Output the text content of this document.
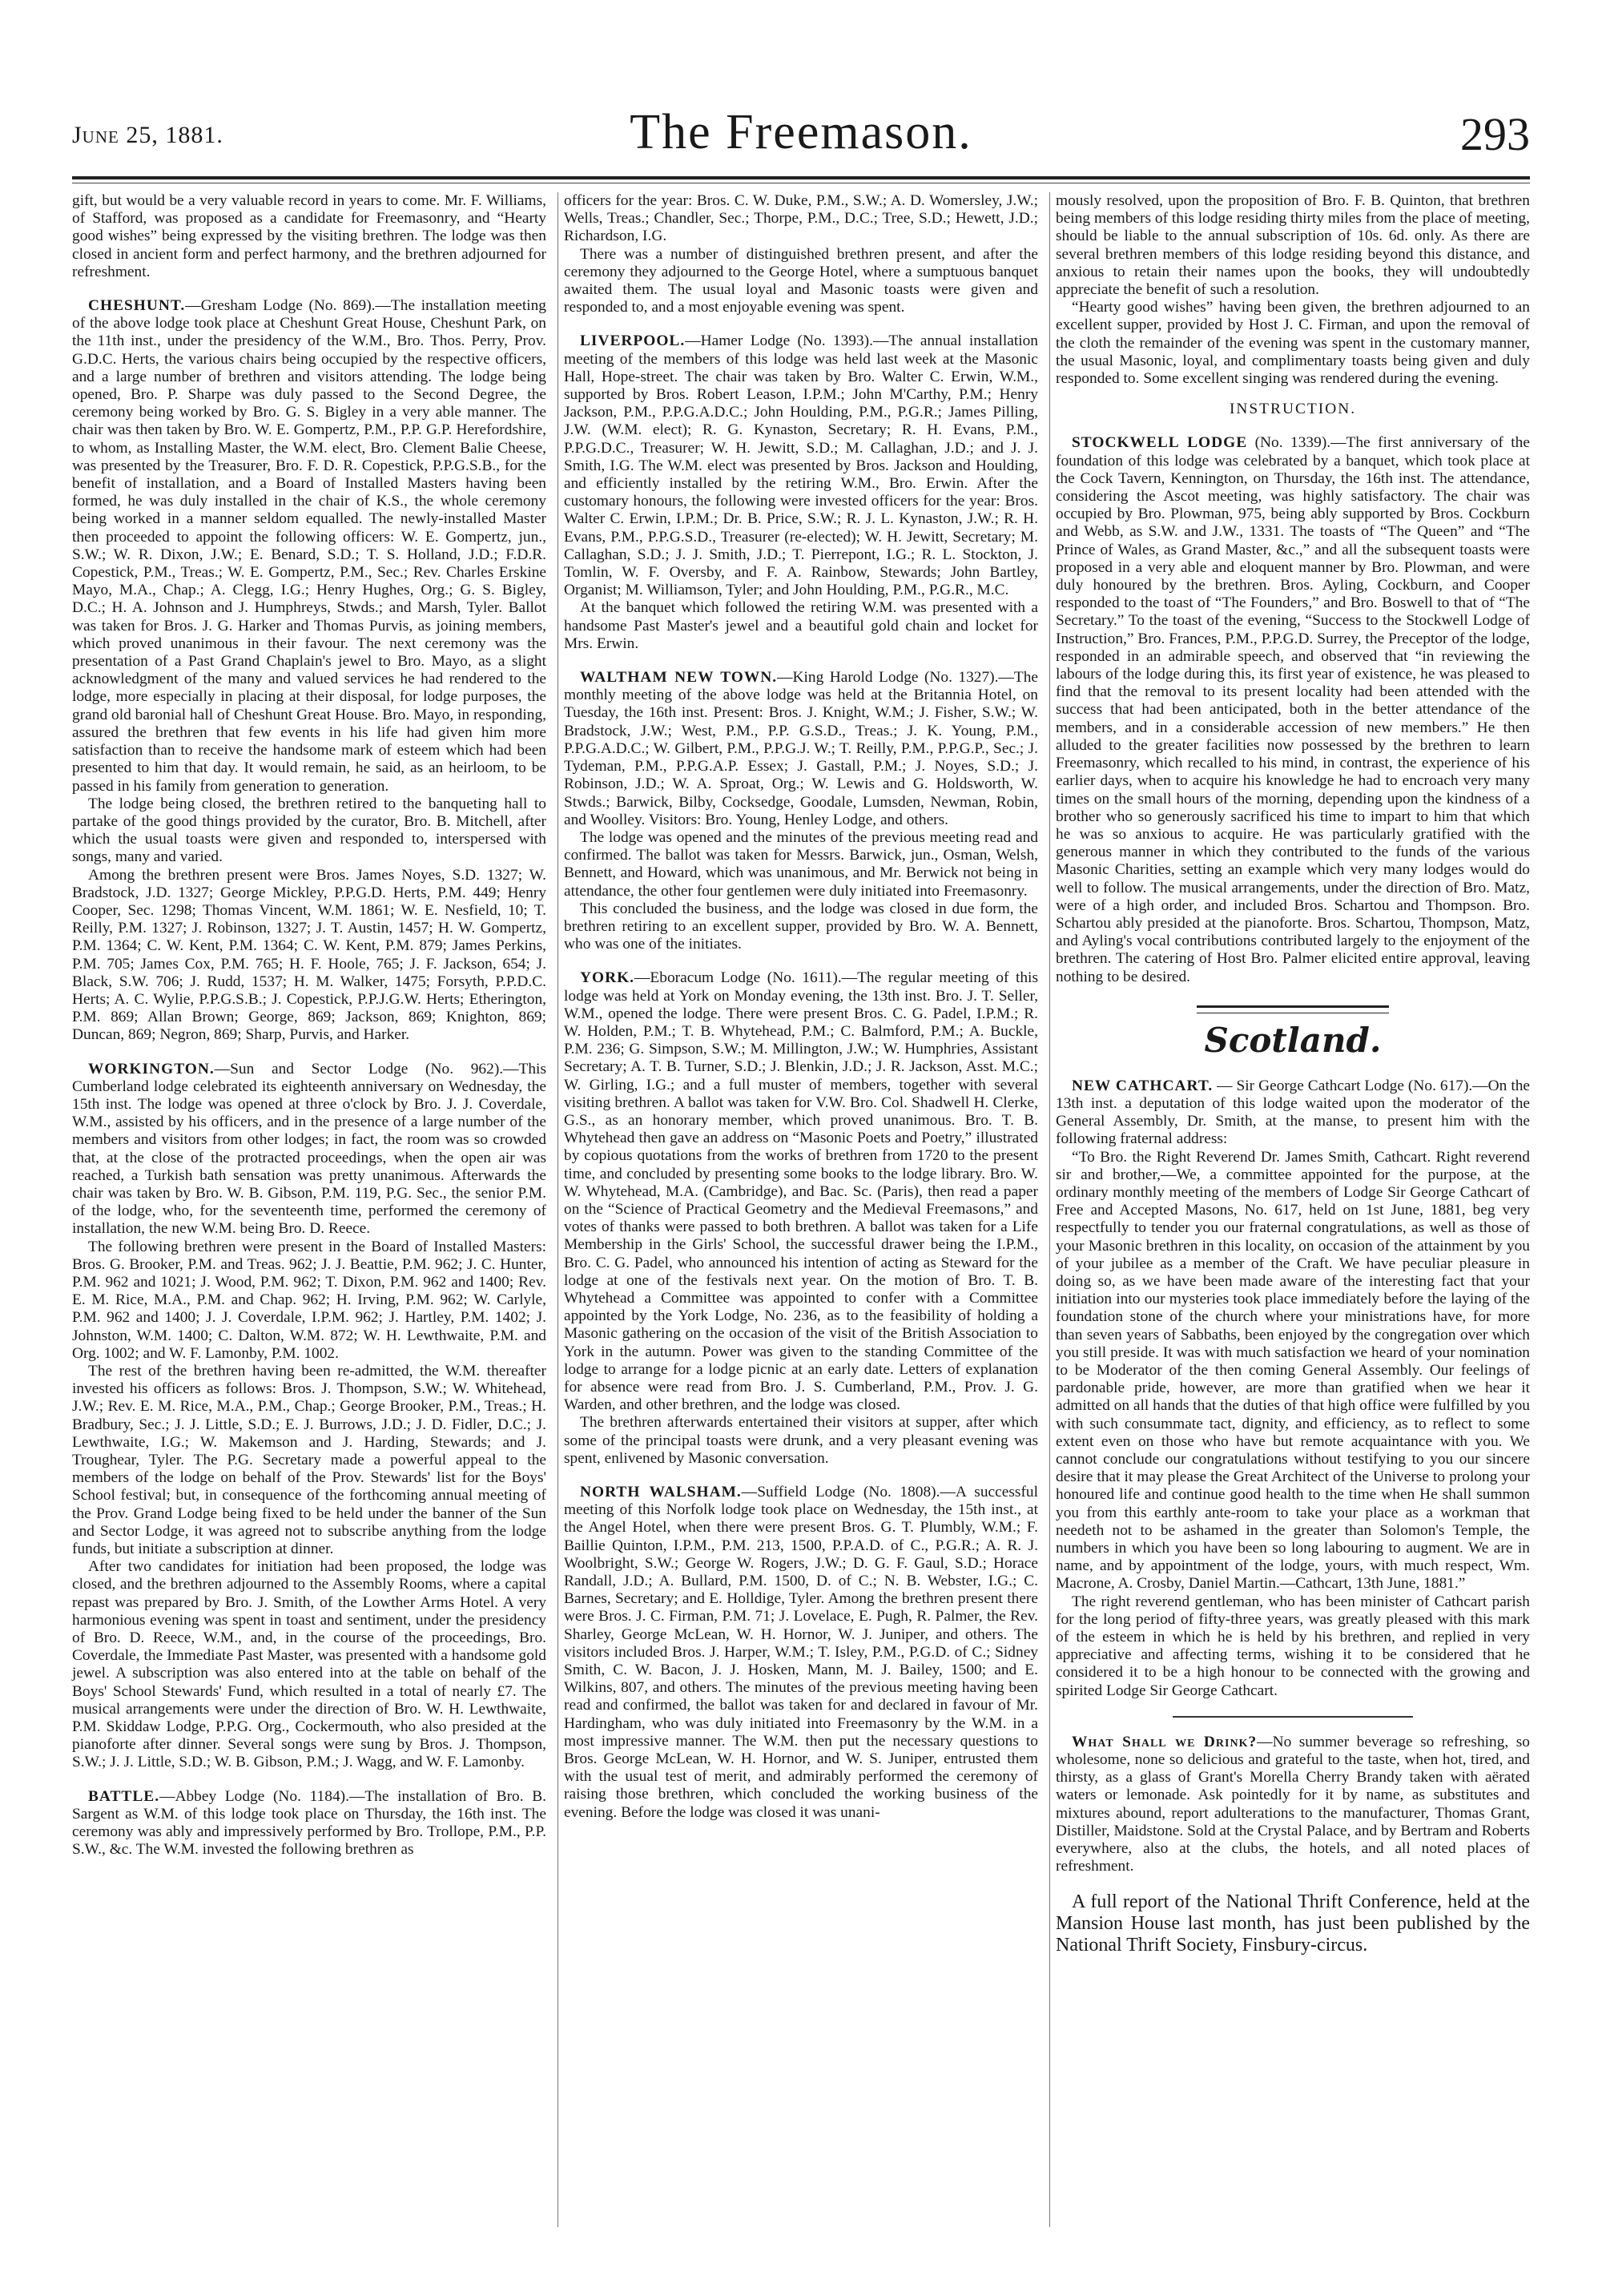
June 25, 1881.	The Freemason.	293

gift, but would be a very valuable record in years to come. Mr. F. Williams, of Stafford, was proposed as a candidate for Freemasonry, and “Hearty good wishes” being expressed by the visiting brethren. The lodge was then closed in ancient form and perfect harmony, and the brethren adjourned for refreshment.

CHESHUNT.—Gresham Lodge (No. 869).—The installation meeting of the above lodge took place at Cheshunt Great House, Cheshunt Park, on the 11th inst., under the presidency of the W.M., Bro. Thos. Perry, Prov. G.D.C. Herts, the various chairs being occupied by the respective officers, and a large number of brethren and visitors attending. The lodge being opened, Bro. P. Sharpe was duly passed to the Second Degree, the ceremony being worked by Bro. G. S. Bigley in a very able manner. The chair was then taken by Bro. W. E. Gompertz, P.M., P.P. G.P. Herefordshire, to whom, as Installing Master, the W.M. elect, Bro. Clement Balie Cheese, was presented by the Treasurer, Bro. F. D. R. Copestick, P.P.G.S.B., for the benefit of installation, and a Board of Installed Masters having been formed, he was duly installed in the chair of K.S., the whole ceremony being worked in a manner seldom equalled. The newly-installed Master then proceeded to appoint the following officers: W. E. Gompertz, jun., S.W.; W. R. Dixon, J.W.; E. Benard, S.D.; T. S. Holland, J.D.; F.D.R. Copestick, P.M., Treas.; W. E. Gompertz, P.M., Sec.; Rev. Charles Erskine Mayo, M.A., Chap.; A. Clegg, I.G.; Henry Hughes, Org.; G. S. Bigley, D.C.; H. A. Johnson and J. Humphreys, Stwds.; and Marsh, Tyler. Ballot was taken for Bros. J. G. Harker and Thomas Purvis, as joining members, which proved unanimous in their favour. The next ceremony was the presentation of a Past Grand Chaplain's jewel to Bro. Mayo, as a slight acknowledgment of the many and valued services he had rendered to the lodge, more especially in placing at their disposal, for lodge purposes, the grand old baronial hall of Cheshunt Great House. Bro. Mayo, in responding, assured the brethren that few events in his life had given him more satisfaction than to receive the handsome mark of esteem which had been presented to him that day. It would remain, he said, as an heirloom, to be passed in his family from generation to generation.

The lodge being closed, the brethren retired to the banqueting hall to partake of the good things provided by the curator, Bro. B. Mitchell, after which the usual toasts were given and responded to, interspersed with songs, many and varied.

Among the brethren present were Bros. James Noyes, S.D. 1327; W. Bradstock, J.D. 1327; George Mickley, P.P.G.D. Herts, P.M. 449; Henry Cooper, Sec. 1298; Thomas Vincent, W.M. 1861; W. E. Nesfield, 10; T. Reilly, P.M. 1327; J. Robinson, 1327; J. T. Austin, 1457; H. W. Gompertz, P.M. 1364; C. W. Kent, P.M. 1364; C. W. Kent, P.M. 879; James Perkins, P.M. 705; James Cox, P.M. 765; H. F. Hoole, 765; J. F. Jackson, 654; J. Black, S.W. 706; J. Rudd, 1537; H. M. Walker, 1475; Forsyth, P.P.D.C. Herts; A. C. Wylie, P.P.G.S.B.; J. Copestick, P.P.J.G.W. Herts; Etherington, P.M. 869; Allan Brown; George, 869; Jackson, 869; Knighton, 869; Duncan, 869; Negron, 869; Sharp, Purvis, and Harker.

WORKINGTON.—Sun and Sector Lodge (No. 962).—This Cumberland lodge celebrated its eighteenth anniversary on Wednesday, the 15th inst. The lodge was opened at three o'clock by Bro. J. J. Coverdale, W.M., assisted by his officers, and in the presence of a large number of the members and visitors from other lodges; in fact, the room was so crowded that, at the close of the protracted proceedings, when the open air was reached, a Turkish bath sensation was pretty unanimous. Afterwards the chair was taken by Bro. W. B. Gibson, P.M. 119, P.G. Sec., the senior P.M. of the lodge, who, for the seventeenth time, performed the ceremony of installation, the new W.M. being Bro. D. Reece.

The following brethren were present in the Board of Installed Masters: Bros. G. Brooker, P.M. and Treas. 962; J. J. Beattie, P.M. 962; J. C. Hunter, P.M. 962 and 1021; J. Wood, P.M. 962; T. Dixon, P.M. 962 and 1400; Rev. E. M. Rice, M.A., P.M. and Chap. 962; H. Irving, P.M. 962; W. Carlyle, P.M. 962 and 1400; J. J. Coverdale, I.P.M. 962; J. Hartley, P.M. 1402; J. Johnston, W.M. 1400; C. Dalton, W.M. 872; W. H. Lewthwaite, P.M. and Org. 1002; and W. F. Lamonby, P.M. 1002.

The rest of the brethren having been re-admitted, the W.M. thereafter invested his officers as follows: Bros. J. Thompson, S.W.; W. Whitehead, J.W.; Rev. E. M. Rice, M.A., P.M., Chap.; George Brooker, P.M., Treas.; H. Bradbury, Sec.; J. J. Little, S.D.; E. J. Burrows, J.D.; J. D. Fidler, D.C.; J. Lewthwaite, I.G.; W. Makemson and J. Harding, Stewards; and J. Troughear, Tyler. The P.G. Secretary made a powerful appeal to the members of the lodge on behalf of the Prov. Stewards' list for the Boys' School festival; but, in consequence of the forthcoming annual meeting of the Prov. Grand Lodge being fixed to be held under the banner of the Sun and Sector Lodge, it was agreed not to subscribe anything from the lodge funds, but initiate a subscription at dinner.

After two candidates for initiation had been proposed, the lodge was closed, and the brethren adjourned to the Assembly Rooms, where a capital repast was prepared by Bro. J. Smith, of the Lowther Arms Hotel. A very harmonious evening was spent in toast and sentiment, under the presidency of Bro. D. Reece, W.M., and, in the course of the proceedings, Bro. Coverdale, the Immediate Past Master, was presented with a handsome gold jewel. A subscription was also entered into at the table on behalf of the Boys' School Stewards' Fund, which resulted in a total of nearly £7. The musical arrangements were under the direction of Bro. W. H. Lewthwaite, P.M. Skiddaw Lodge, P.P.G. Org., Cockermouth, who also presided at the pianoforte after dinner. Several songs were sung by Bros. J. Thompson, S.W.; J. J. Little, S.D.; W. B. Gibson, P.M.; J. Wagg, and W. F. Lamonby.

BATTLE.—Abbey Lodge (No. 1184).—The installation of Bro. B. Sargent as W.M. of this lodge took place on Thursday, the 16th inst. The ceremony was ably and impressively performed by Bro. Trollope, P.M., P.P. S.W., &c. The W.M. invested the following brethren as

officers for the year: Bros. C. W. Duke, P.M., S.W.; A. D. Womersley, J.W.; Wells, Treas.; Chandler, Sec.; Thorpe, P.M., D.C.; Tree, S.D.; Hewett, J.D.; Richardson, I.G.

There was a number of distinguished brethren present, and after the ceremony they adjourned to the George Hotel, where a sumptuous banquet awaited them. The usual loyal and Masonic toasts were given and responded to, and a most enjoyable evening was spent.

LIVERPOOL.—Hamer Lodge (No. 1393).—The annual installation meeting of the members of this lodge was held last week at the Masonic Hall, Hope-street. The chair was taken by Bro. Walter C. Erwin, W.M., supported by Bros. Robert Leason, I.P.M.; John M'Carthy, P.M.; Henry Jackson, P.M., P.P.G.A.D.C.; John Houlding, P.M., P.G.R.; James Pilling, J.W. (W.M. elect); R. G. Kynaston, Secretary; R. H. Evans, P.M., P.P.G.D.C., Treasurer; W. H. Jewitt, S.D.; M. Callaghan, J.D.; and J. J. Smith, I.G. The W.M. elect was presented by Bros. Jackson and Houlding, and efficiently installed by the retiring W.M., Bro. Erwin. After the customary honours, the following were invested officers for the year: Bros. Walter C. Erwin, I.P.M.; Dr. B. Price, S.W.; R. J. L. Kynaston, J.W.; R. H. Evans, P.M., P.P.G.S.D., Treasurer (re-elected); W. H. Jewitt, Secretary; M. Callaghan, S.D.; J. J. Smith, J.D.; T. Pierrepont, I.G.; R. L. Stockton, J. Tomlin, W. F. Oversby, and F. A. Rainbow, Stewards; John Bartley, Organist; M. Williamson, Tyler; and John Houlding, P.M., P.G.R., M.C.

At the banquet which followed the retiring W.M. was presented with a handsome Past Master's jewel and a beautiful gold chain and locket for Mrs. Erwin.

WALTHAM NEW TOWN.—King Harold Lodge (No. 1327).—The monthly meeting of the above lodge was held at the Britannia Hotel, on Tuesday, the 16th inst. Present: Bros. J. Knight, W.M.; J. Fisher, S.W.; W. Bradstock, J.W.; West, P.M., P.P. G.S.D., Treas.; J. K. Young, P.M., P.P.G.A.D.C.; W. Gilbert, P.M., P.P.G.J. W.; T. Reilly, P.M., P.P.G.P., Sec.; J. Tydeman, P.M., P.P.G.A.P. Essex; J. Gastall, P.M.; J. Noyes, S.D.; J. Robinson, J.D.; W. A. Sproat, Org.; W. Lewis and G. Holdsworth, W. Stwds.; Barwick, Bilby, Cocksedge, Goodale, Lumsden, Newman, Robin, and Woolley. Visitors: Bro. Young, Henley Lodge, and others.

The lodge was opened and the minutes of the previous meeting read and confirmed. The ballot was taken for Messrs. Barwick, jun., Osman, Welsh, Bennett, and Howard, which was unanimous, and Mr. Berwick not being in attendance, the other four gentlemen were duly initiated into Freemasonry.

This concluded the business, and the lodge was closed in due form, the brethren retiring to an excellent supper, provided by Bro. W. A. Bennett, who was one of the initiates.

YORK.—Eboracum Lodge (No. 1611).—The regular meeting of this lodge was held at York on Monday evening, the 13th inst. Bro. J. T. Seller, W.M., opened the lodge. There were present Bros. C. G. Padel, I.P.M.; R. W. Holden, P.M.; T. B. Whytehead, P.M.; C. Balmford, P.M.; A. Buckle, P.M. 236; G. Simpson, S.W.; M. Millington, J.W.; W. Humphries, Assistant Secretary; A. T. B. Turner, S.D.; J. Blenkin, J.D.; J. R. Jackson, Asst. M.C.; W. Girling, I.G.; and a full muster of members, together with several visiting brethren. A ballot was taken for V.W. Bro. Col. Shadwell H. Clerke, G.S., as an honorary member, which proved unanimous. Bro. T. B. Whytehead then gave an address on “Masonic Poets and Poetry,” illustrated by copious quotations from the works of brethren from 1720 to the present time, and concluded by presenting some books to the lodge library. Bro. W. W. Whytehead, M.A. (Cambridge), and Bac. Sc. (Paris), then read a paper on the “Science of Practical Geometry and the Medieval Freemasons,” and votes of thanks were passed to both brethren. A ballot was taken for a Life Membership in the Girls' School, the successful drawer being the I.P.M., Bro. C. G. Padel, who announced his intention of acting as Steward for the lodge at one of the festivals next year. On the motion of Bro. T. B. Whytehead a Committee was appointed to confer with a Committee appointed by the York Lodge, No. 236, as to the feasibility of holding a Masonic gathering on the occasion of the visit of the British Association to York in the autumn. Power was given to the standing Committee of the lodge to arrange for a lodge picnic at an early date. Letters of explanation for absence were read from Bro. J. S. Cumberland, P.M., Prov. J. G. Warden, and other brethren, and the lodge was closed.

The brethren afterwards entertained their visitors at supper, after which some of the principal toasts were drunk, and a very pleasant evening was spent, enlivened by Masonic conversation.

NORTH WALSHAM.—Suffield Lodge (No. 1808).—A successful meeting of this Norfolk lodge took place on Wednesday, the 15th inst., at the Angel Hotel, when there were present Bros. G. T. Plumbly, W.M.; F. Baillie Quinton, I.P.M., P.M. 213, 1500, P.P.A.D. of C., P.G.R.; A. R. J. Woolbright, S.W.; George W. Rogers, J.W.; D. G. F. Gaul, S.D.; Horace Randall, J.D.; A. Bullard, P.M. 1500, D. of C.; N. B. Webster, I.G.; C. Barnes, Secretary; and E. Holldige, Tyler. Among the brethren present there were Bros. J. C. Firman, P.M. 71; J. Lovelace, E. Pugh, R. Palmer, the Rev. Sharley, George McLean, W. H. Hornor, W. J. Juniper, and others. The visitors included Bros. J. Harper, W.M.; T. Isley, P.M., P.G.D. of C.; Sidney Smith, C. W. Bacon, J. J. Hosken, Mann, M. J. Bailey, 1500; and E. Wilkins, 807, and others. The minutes of the previous meeting having been read and confirmed, the ballot was taken for and declared in favour of Mr. Hardingham, who was duly initiated into Freemasonry by the W.M. in a most impressive manner. The W.M. then put the necessary questions to Bros. George McLean, W. H. Hornor, and W. S. Juniper, entrusted them with the usual test of merit, and admirably performed the ceremony of raising those brethren, which concluded the working business of the evening. Before the lodge was closed it was unani-

mously resolved, upon the proposition of Bro. F. B. Quinton, that brethren being members of this lodge residing thirty miles from the place of meeting, should be liable to the annual subscription of 10s. 6d. only. As there are several brethren members of this lodge residing beyond this distance, and anxious to retain their names upon the books, they will undoubtedly appreciate the benefit of such a resolution.

“Hearty good wishes” having been given, the brethren adjourned to an excellent supper, provided by Host J. C. Firman, and upon the removal of the cloth the remainder of the evening was spent in the customary manner, the usual Masonic, loyal, and complimentary toasts being given and duly responded to. Some excellent singing was rendered during the evening.

INSTRUCTION.

STOCKWELL LODGE (No. 1339).—The first anniversary of the foundation of this lodge was celebrated by a banquet, which took place at the Cock Tavern, Kennington, on Thursday, the 16th inst. The attendance, considering the Ascot meeting, was highly satisfactory. The chair was occupied by Bro. Plowman, 975, being ably supported by Bros. Cockburn and Webb, as S.W. and J.W., 1331. The toasts of “The Queen” and “The Prince of Wales, as Grand Master, &c.,” and all the subsequent toasts were proposed in a very able and eloquent manner by Bro. Plowman, and were duly honoured by the brethren. Bros. Ayling, Cockburn, and Cooper responded to the toast of “The Founders,” and Bro. Boswell to that of “The Secretary.” To the toast of the evening, “Success to the Stockwell Lodge of Instruction,” Bro. Frances, P.M., P.P.G.D. Surrey, the Preceptor of the lodge, responded in an admirable speech, and observed that “in reviewing the labours of the lodge during this, its first year of existence, he was pleased to find that the removal to its present locality had been attended with the success that had been anticipated, both in the better attendance of the members, and in a considerable accession of new members.” He then alluded to the greater facilities now possessed by the brethren to learn Freemasonry, which recalled to his mind, in contrast, the experience of his earlier days, when to acquire his knowledge he had to encroach very many times on the small hours of the morning, depending upon the kindness of a brother who so generously sacrificed his time to impart to him that which he was so anxious to acquire. He was particularly gratified with the generous manner in which they contributed to the funds of the various Masonic Charities, setting an example which very many lodges would do well to follow. The musical arrangements, under the direction of Bro. Matz, were of a high order, and included Bros. Schartou and Thompson. Bro. Schartou ably presided at the pianoforte. Bros. Schartou, Thompson, Matz, and Ayling's vocal contributions contributed largely to the enjoyment of the brethren. The catering of Host Bro. Palmer elicited entire approval, leaving nothing to be desired.

Scotland.

NEW CATHCART. — Sir George Cathcart Lodge (No. 617).—On the 13th inst. a deputation of this lodge waited upon the moderator of the General Assembly, Dr. Smith, at the manse, to present him with the following fraternal address:

“To Bro. the Right Reverend Dr. James Smith, Cathcart. Right reverend sir and brother,—We, a committee appointed for the purpose, at the ordinary monthly meeting of the members of Lodge Sir George Cathcart of Free and Accepted Masons, No. 617, held on 1st June, 1881, beg very respectfully to tender you our fraternal congratulations, as well as those of your Masonic brethren in this locality, on occasion of the attainment by you of your jubilee as a member of the Craft. We have peculiar pleasure in doing so, as we have been made aware of the interesting fact that your initiation into our mysteries took place immediately before the laying of the foundation stone of the church where your ministrations have, for more than seven years of Sabbaths, been enjoyed by the congregation over which you still preside. It was with much satisfaction we heard of your nomination to be Moderator of the then coming General Assembly. Our feelings of pardonable pride, however, are more than gratified when we hear it admitted on all hands that the duties of that high office were fulfilled by you with such consummate tact, dignity, and efficiency, as to reflect to some extent even on those who have but remote acquaintance with you. We cannot conclude our congratulations without testifying to you our sincere desire that it may please the Great Architect of the Universe to prolong your honoured life and continue good health to the time when He shall summon you from this earthly ante-room to take your place as a workman that needeth not to be ashamed in the greater than Solomon's Temple, the numbers in which you have been so long labouring to augment. We are in name, and by appointment of the lodge, yours, with much respect, Wm. Macrone, A. Crosby, Daniel Martin.—Cathcart, 13th June, 1881.”

The right reverend gentleman, who has been minister of Cathcart parish for the long period of fifty-three years, was greatly pleased with this mark of the esteem in which he is held by his brethren, and replied in very appreciative and affecting terms, wishing it to be considered that he considered it to be a high honour to be connected with the growing and spirited Lodge Sir George Cathcart.

What Shall we Drink?—No summer beverage so refreshing, so wholesome, none so delicious and grateful to the taste, when hot, tired, and thirsty, as a glass of Grant's Morella Cherry Brandy taken with aërated waters or lemonade. Ask pointedly for it by name, as substitutes and mixtures abound, report adulterations to the manufacturer, Thomas Grant, Distiller, Maidstone. Sold at the Crystal Palace, and by Bertram and Roberts everywhere, also at the clubs, the hotels, and all noted places of refreshment.

A full report of the National Thrift Conference, held at the Mansion House last month, has just been published by the National Thrift Society, Finsbury-circus.
